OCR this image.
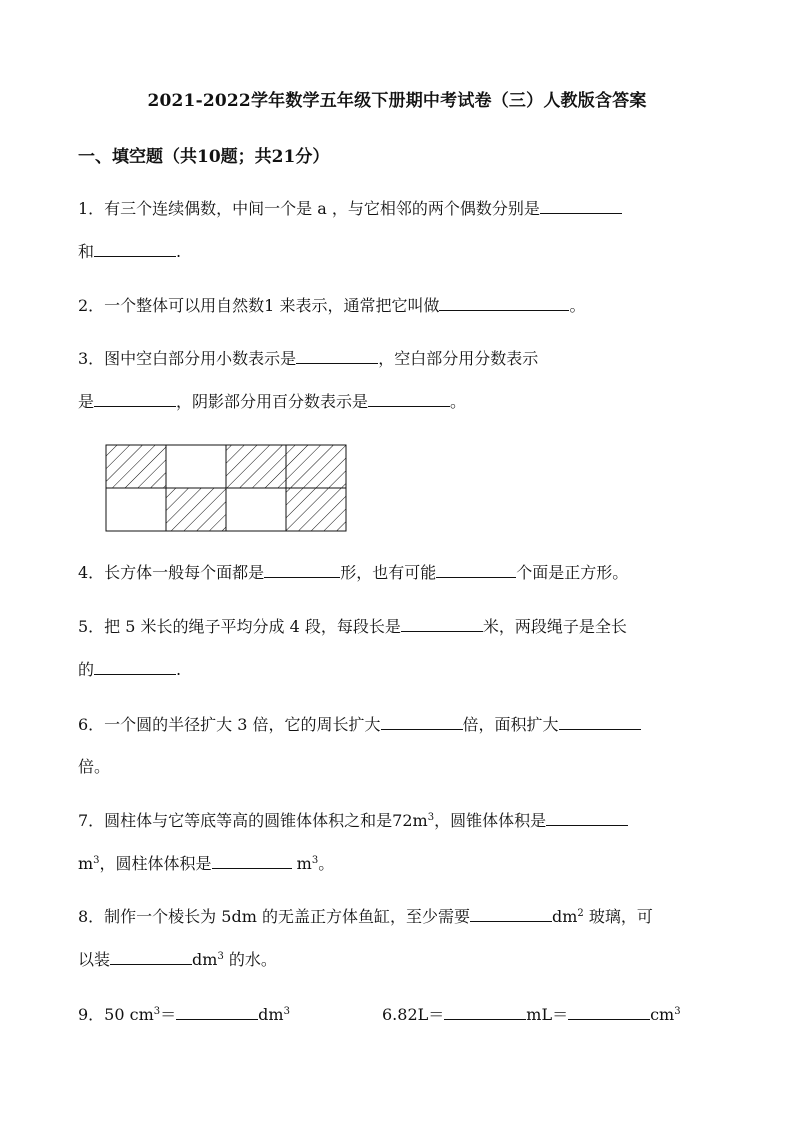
2021-2022学年数学五年级下册期中考试卷（三）人教版含答案
一、填空题（共10题；共21分）
1．有三个连续偶数，中间一个是 a ，与它相邻的两个偶数分别是
和	.
2．一个整体可以用自然数1 来表示，通常把它叫做	。
3．图中空白部分用小数表示是	，空白部分用分数表示
是	，阴影部分用百分数表示是	。
4．长方体一般每个面都是	形，也有可能	个面是正方形。
5．把 5 米长的绳子平均分成 4 段，每段长是	米，两段绳子是全长
的	.
6．一个圆的半径扩大 3 倍，它的周长扩大	倍，面积扩大
倍。
7．圆柱体与它等底等高的圆锥体体积之和是$72m^3$，圆锥体体积是
$m^3$，圆柱体体积是	$m^3$。
8．制作一个棱长为 5dm 的无盖正方体鱼缸，至少需要	$dm^2$ 玻璃，可
以装	$dm^3$ 的水。
9．50 $cm^3=$	$dm^3$	6.82L＝	mL＝	$cm^3$
